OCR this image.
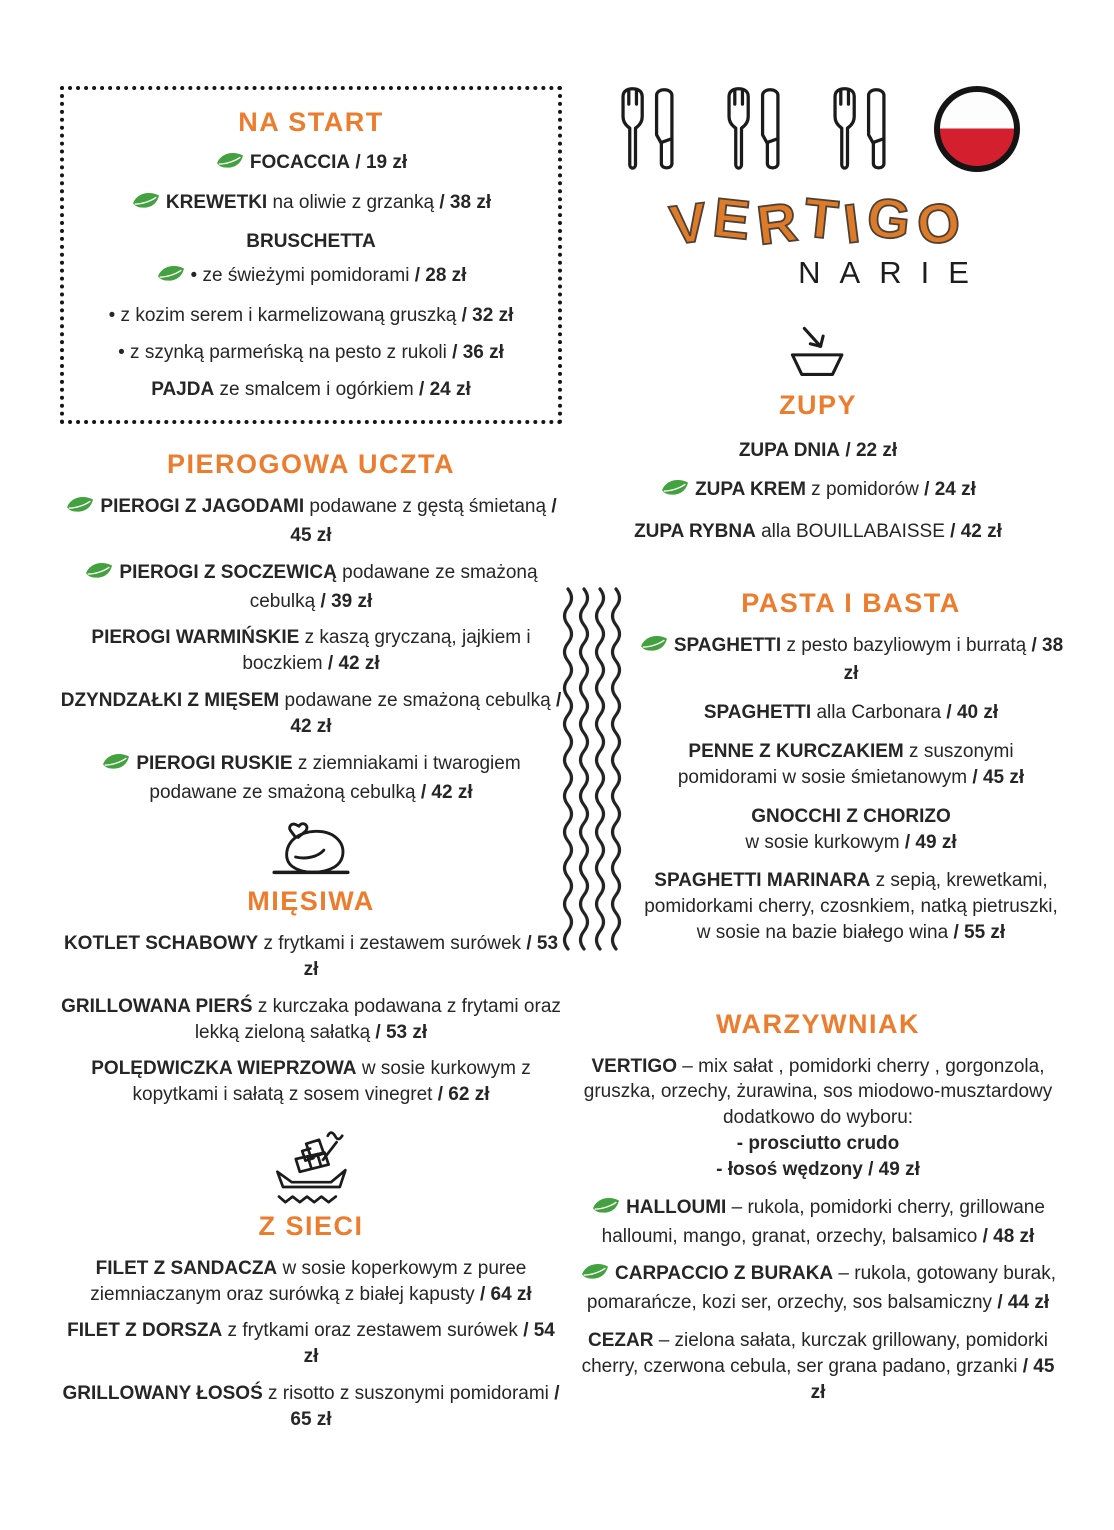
NA START
FOCACCIA / 19 zł
KREWETKI na oliwie z grzanką / 38 zł
BRUSCHETTA
• ze świeżymi pomidorami / 28 zł
• z kozim serem i karmelizowaną gruszką / 32 zł
• z szynką parmeńską na pesto z rukoli / 36 zł
PAJDA ze smalcem i ogórkiem / 24 zł
PIEROGOWA UCZTA
PIEROGI Z JAGODAMI podawane z gęstą śmietaną / 45 zł
PIEROGI Z SOCZEWICĄ podawane ze smażoną cebulką / 39 zł
PIEROGI WARMIŃSKIE z kaszą gryczaną, jajkiem i boczkiem / 42 zł
DZYNDZAŁKI Z MIĘSEM podawane ze smażoną cebulką / 42 zł
PIEROGI RUSKIE z ziemniakami i twarogiem podawane ze smażoną cebulką / 42 zł
MIĘSIWA
KOTLET SCHABOWY z frytkami i zestawem surówek / 53 zł
GRILLOWANA PIERŚ z kurczaka podawana z frytami oraz lekką zieloną sałatką / 53 zł
POLĘDWICZKA WIEPRZOWA w sosie kurkowym z kopytkami i sałatą z sosem vinegret / 62 zł
Z SIECI
FILET Z SANDACZA w sosie koperkowym z puree ziemniaczanym oraz surówką z białej kapusty / 64 zł
FILET Z DORSZA z frytkami oraz zestawem surówek / 54 zł
GRILLOWANY ŁOSOŚ z risotto z suszonymi pomidorami / 65 zł
VERTIGO
NARIE
ZUPY
ZUPA DNIA / 22 zł
ZUPA KREM z pomidorów / 24 zł
ZUPA RYBNA alla BOUILLABAISSE / 42 zł
PASTA I BASTA
SPAGHETTI z pesto bazyliowym i burratą / 38 zł
SPAGHETTI alla Carbonara / 40 zł
PENNE Z KURCZAKIEM z suszonymi pomidorami w sosie śmietanowym / 45 zł
GNOCCHI Z CHORIZO
w sosie kurkowym / 49 zł
SPAGHETTI MARINARA z sepią, krewetkami, pomidorkami cherry, czosnkiem, natką pietruszki, w sosie na bazie białego wina / 55 zł
WARZYWNIAK
VERTIGO – mix sałat , pomidorki cherry , gorgonzola, gruszka, orzechy, żurawina, sos miodowo-musztardowy dodatkowo do wyboru:
- prosciutto crudo
- łosoś wędzony / 49 zł
HALLOUMI – rukola, pomidorki cherry, grillowane halloumi, mango, granat, orzechy, balsamico / 48 zł
CARPACCIO Z BURAKA – rukola, gotowany burak, pomarańcze, kozi ser, orzechy, sos balsamiczny / 44 zł
CEZAR – zielona sałata, kurczak grillowany, pomidorki cherry, czerwona cebula, ser grana padano, grzanki / 45 zł
